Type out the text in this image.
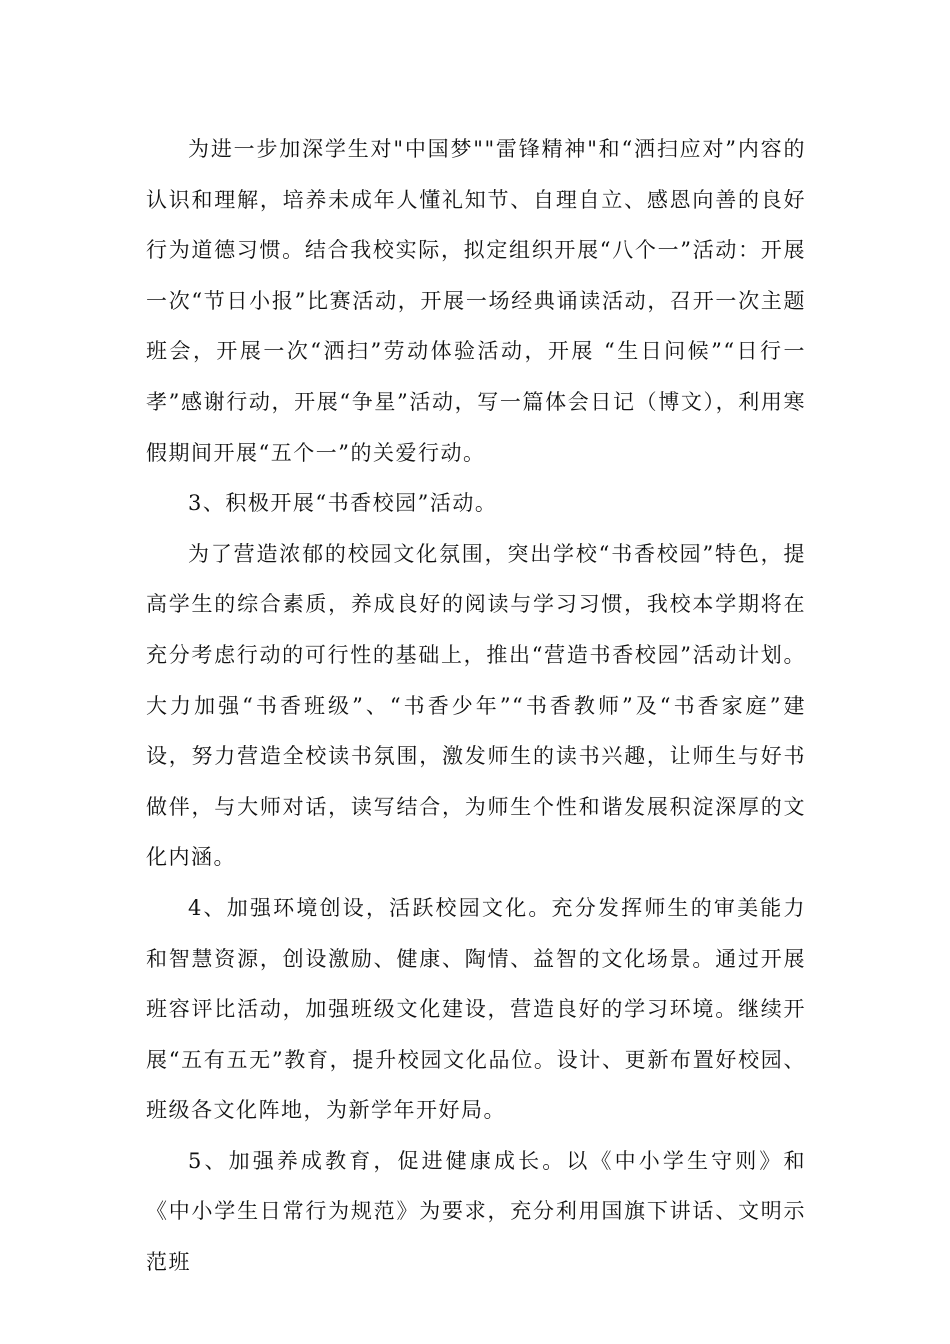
为进一步加深学生对"中国梦""雷锋精神"和“洒扫应对”内容的认识和理解，培养未成年人懂礼知节、自理自立、感恩向善的良好行为道德习惯。结合我校实际，拟定组织开展“八个一”活动：开展一次“节日小报”比赛活动，开展一场经典诵读活动，召开一次主题班会，开展一次“洒扫”劳动体验活动，开展 “生日问候”“日行一孝”感谢行动，开展“争星”活动，写一篇体会日记（博文），利用寒假期间开展“五个一”的关爱行动。

3、积极开展“书香校园”活动。

为了营造浓郁的校园文化氛围，突出学校“书香校园”特色，提高学生的综合素质，养成良好的阅读与学习习惯，我校本学期将在充分考虑行动的可行性的基础上，推出“营造书香校园”活动计划。大力加强“书香班级”、“书香少年”“书香教师”及“书香家庭”建设，努力营造全校读书氛围，激发师生的读书兴趣，让师生与好书做伴，与大师对话，读写结合，为师生个性和谐发展积淀深厚的文化内涵。

4、加强环境创设，活跃校园文化。充分发挥师生的审美能力和智慧资源，创设激励、健康、陶情、益智的文化场景。通过开展班容评比活动，加强班级文化建设，营造良好的学习环境。继续开展“五有五无”教育，提升校园文化品位。设计、更新布置好校园、班级各文化阵地，为新学年开好局。

5、加强养成教育，促进健康成长。以《中小学生守则》和《中小学生日常行为规范》为要求，充分利用国旗下讲话、文明示范班
